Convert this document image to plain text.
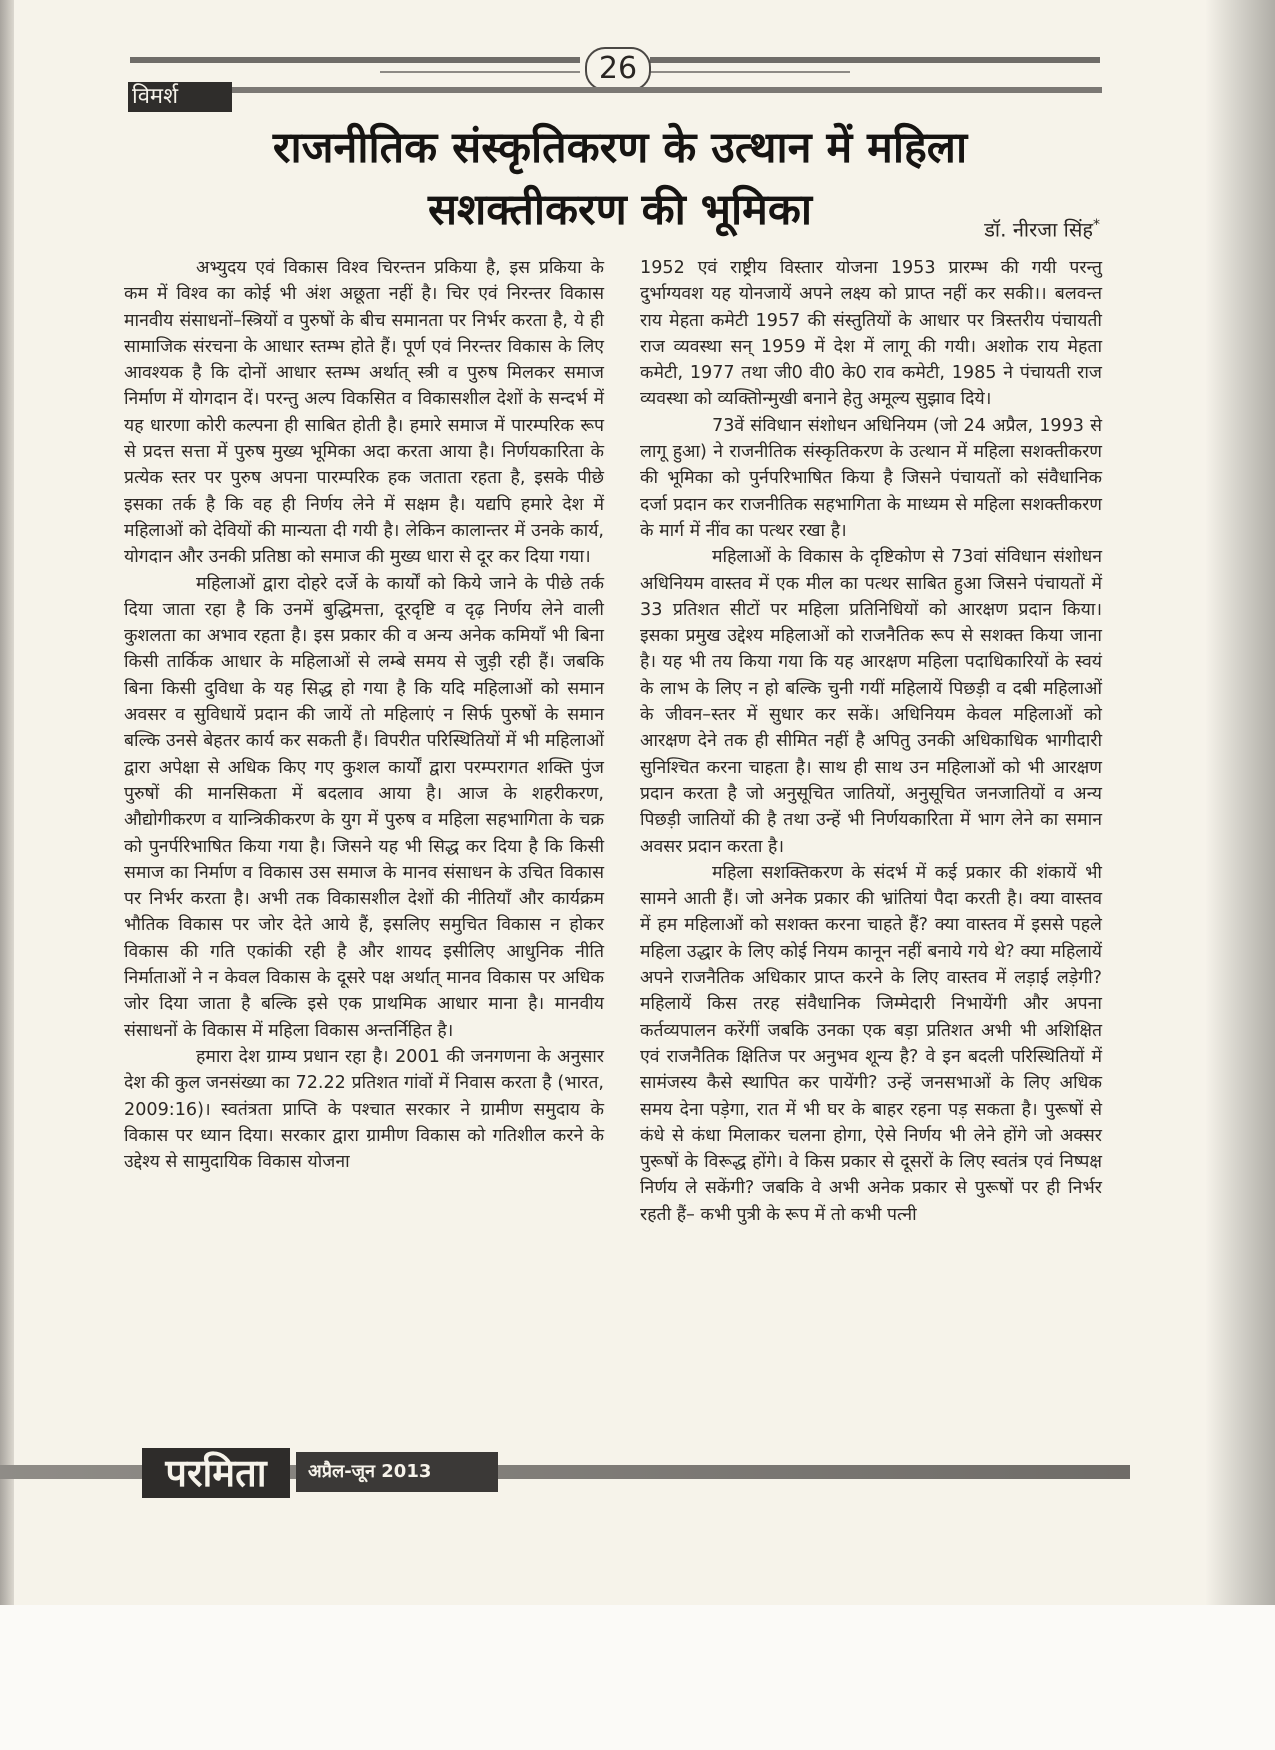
26
विमर्श
राजनीतिक संस्कृतिकरण के उत्थान में महिला
सशक्तीकरण की भूमिका	डॉ. नीरजा सिंह*

अभ्युदय एवं विकास विश्व चिरन्तन प्रकिया है, इस प्रकिया के कम में विश्व का कोई भी अंश अछूता नहीं है। चिर एवं निरन्तर विकास मानवीय संसाधनों–स्त्रियों व पुरुषों के बीच समानता पर निर्भर करता है, ये ही सामाजिक संरचना के आधार स्तम्भ होते हैं। पूर्ण एवं निरन्तर विकास के लिए आवश्यक है कि दोनों आधार स्तम्भ अर्थात् स्त्री व पुरुष मिलकर समाज निर्माण में योगदान दें। परन्तु अल्प विकसित व विकासशील देशों के सन्दर्भ में यह धारणा कोरी कल्पना ही साबित होती है। हमारे समाज में पारम्परिक रूप से प्रदत्त सत्ता में पुरुष मुख्य भूमिका अदा करता आया है। निर्णयकारिता के प्रत्येक स्तर पर पुरुष अपना पारम्परिक हक जताता रहता है, इसके पीछे इसका तर्क है कि वह ही निर्णय लेने में सक्षम है। यद्यपि हमारे देश में महिलाओं को देवियों की मान्यता दी गयी है। लेकिन कालान्तर में उनके कार्य, योगदान और उनकी प्रतिष्ठा को समाज की मुख्य धारा से दूर कर दिया गया।

महिलाओं द्वारा दोहरे दर्जे के कार्यों को किये जाने के पीछे तर्क दिया जाता रहा है कि उनमें बुद्धिमत्ता, दूरदृष्टि व दृढ़ निर्णय लेने वाली कुशलता का अभाव रहता है। इस प्रकार की व अन्य अनेक कमियाँ भी बिना किसी तार्किक आधार के महिलाओं से लम्बे समय से जुड़ी रही हैं। जबकि बिना किसी दुविधा के यह सिद्ध हो गया है कि यदि महिलाओं को समान अवसर व सुविधायें प्रदान की जायें तो महिलाएं न सिर्फ पुरुषों के समान बल्कि उनसे बेहतर कार्य कर सकती हैं। विपरीत परिस्थितियों में भी महिलाओं द्वारा अपेक्षा से अधिक किए गए कुशल कार्यों द्वारा परम्परागत शक्ति पुंज पुरुषों की मानसिकता में बदलाव आया है। आज के शहरीकरण, औद्योगीकरण व यान्त्रिकीकरण के युग में पुरुष व महिला सहभागिता के चक्र को पुनर्परिभाषित किया गया है। जिसने यह भी सिद्ध कर दिया है कि किसी समाज का निर्माण व विकास उस समाज के मानव संसाधन के उचित विकास पर निर्भर करता है। अभी तक विकासशील देशों की नीतियाँ और कार्यक्रम भौतिक विकास पर जोर देते आये हैं, इसलिए समुचित विकास न होकर विकास की गति एकांकी रही है और शायद इसीलिए आधुनिक नीति निर्माताओं ने न केवल विकास के दूसरे पक्ष अर्थात् मानव विकास पर अधिक जोर दिया जाता है बल्कि इसे एक प्राथमिक आधार माना है। मानवीय संसाधनों के विकास में महिला विकास अन्तर्निहित है।

हमारा देश ग्राम्य प्रधान रहा है। 2001 की जनगणना के अनुसार देश की कुल जनसंख्या का 72.22 प्रतिशत गांवों में निवास करता है (भारत, 2009:16)। स्वतंत्रता प्राप्ति के पश्चात सरकार ने ग्रामीण समुदाय के विकास पर ध्यान दिया। सरकार द्वारा ग्रामीण विकास को गतिशील करने के उद्देश्य से सामुदायिक विकास योजना

1952 एवं राष्ट्रीय विस्तार योजना 1953 प्रारम्भ की गयी परन्तु दुर्भाग्यवश यह योनजायें अपने लक्ष्य को प्राप्त नहीं कर सकी।। बलवन्त राय मेहता कमेटी 1957 की संस्तुतियों के आधार पर त्रिस्तरीय पंचायती राज व्यवस्था सन् 1959 में देश में लागू की गयी। अशोक राय मेहता कमेटी, 1977 तथा जी0 वी0 के0 राव कमेटी, 1985 ने पंचायती राज व्यवस्था को व्यक्तिोन्मुखी बनाने हेतु अमूल्य सुझाव दिये।

73वें संविधान संशोधन अधिनियम (जो 24 अप्रैल, 1993 से लागू हुआ) ने राजनीतिक संस्कृतिकरण के उत्थान में महिला सशक्तीकरण की भूमिका को पुर्नपरिभाषित किया है जिसने पंचायतों को संवैधानिक दर्जा प्रदान कर राजनीतिक सहभागिता के माध्यम से महिला सशक्तीकरण के मार्ग में नींव का पत्थर रखा है।

महिलाओं के विकास के दृष्टिकोण से 73वां संविधान संशोधन अधिनियम वास्तव में एक मील का पत्थर साबित हुआ जिसने पंचायतों में 33 प्रतिशत सीटों पर महिला प्रतिनिधियों को आरक्षण प्रदान किया। इसका प्रमुख उद्देश्य महिलाओं को राजनैतिक रूप से सशक्त किया जाना है। यह भी तय किया गया कि यह आरक्षण महिला पदाधिकारियों के स्वयं के लाभ के लिए न हो बल्कि चुनी गयीं महिलायें पिछड़ी व दबी महिलाओं के जीवन–स्तर में सुधार कर सकें। अधिनियम केवल महिलाओं को आरक्षण देने तक ही सीमित नहीं है अपितु उनकी अधिकाधिक भागीदारी सुनिश्चित करना चाहता है। साथ ही साथ उन महिलाओं को भी आरक्षण प्रदान करता है जो अनुसूचित जातियों, अनुसूचित जनजातियों व अन्य पिछड़ी जातियों की है तथा उन्हें भी निर्णयकारिता में भाग लेने का समान अवसर प्रदान करता है।

महिला सशक्तिकरण के संदर्भ में कई प्रकार की शंकायें भी सामने आती हैं। जो अनेक प्रकार की भ्रांतियां पैदा करती है। क्या वास्तव में हम महिलाओं को सशक्त करना चाहते हैं? क्या वास्तव में इससे पहले महिला उद्धार के लिए कोई नियम कानून नहीं बनाये गये थे? क्या महिलायें अपने राजनैतिक अधिकार प्राप्त करने के लिए वास्तव में लड़ाई लड़ेगी? महिलायें किस तरह संवैधानिक जिम्मेदारी निभायेंगी और अपना कर्तव्यपालन करेंगीं जबकि उनका एक बड़ा प्रतिशत अभी भी अशिक्षित एवं राजनैतिक क्षितिज पर अनुभव शून्य है? वे इन बदली परिस्थितियों में सामंजस्य कैसे स्थापित कर पायेंगी? उन्हें जनसभाओं के लिए अधिक समय देना पड़ेगा, रात में भी घर के बाहर रहना पड़ सकता है। पुरूषों से कंधे से कंधा मिलाकर चलना होगा, ऐसे निर्णय भी लेने होंगे जो अक्सर पुरूषों के विरूद्ध होंगे। वे किस प्रकार से दूसरों के लिए स्वतंत्र एवं निष्पक्ष निर्णय ले सकेंगी? जबकि वे अभी अनेक प्रकार से पुरूषों पर ही निर्भर रहती हैं– कभी पुत्री के रूप में तो कभी पत्नी

परमिता	अप्रैल-जून 2013
